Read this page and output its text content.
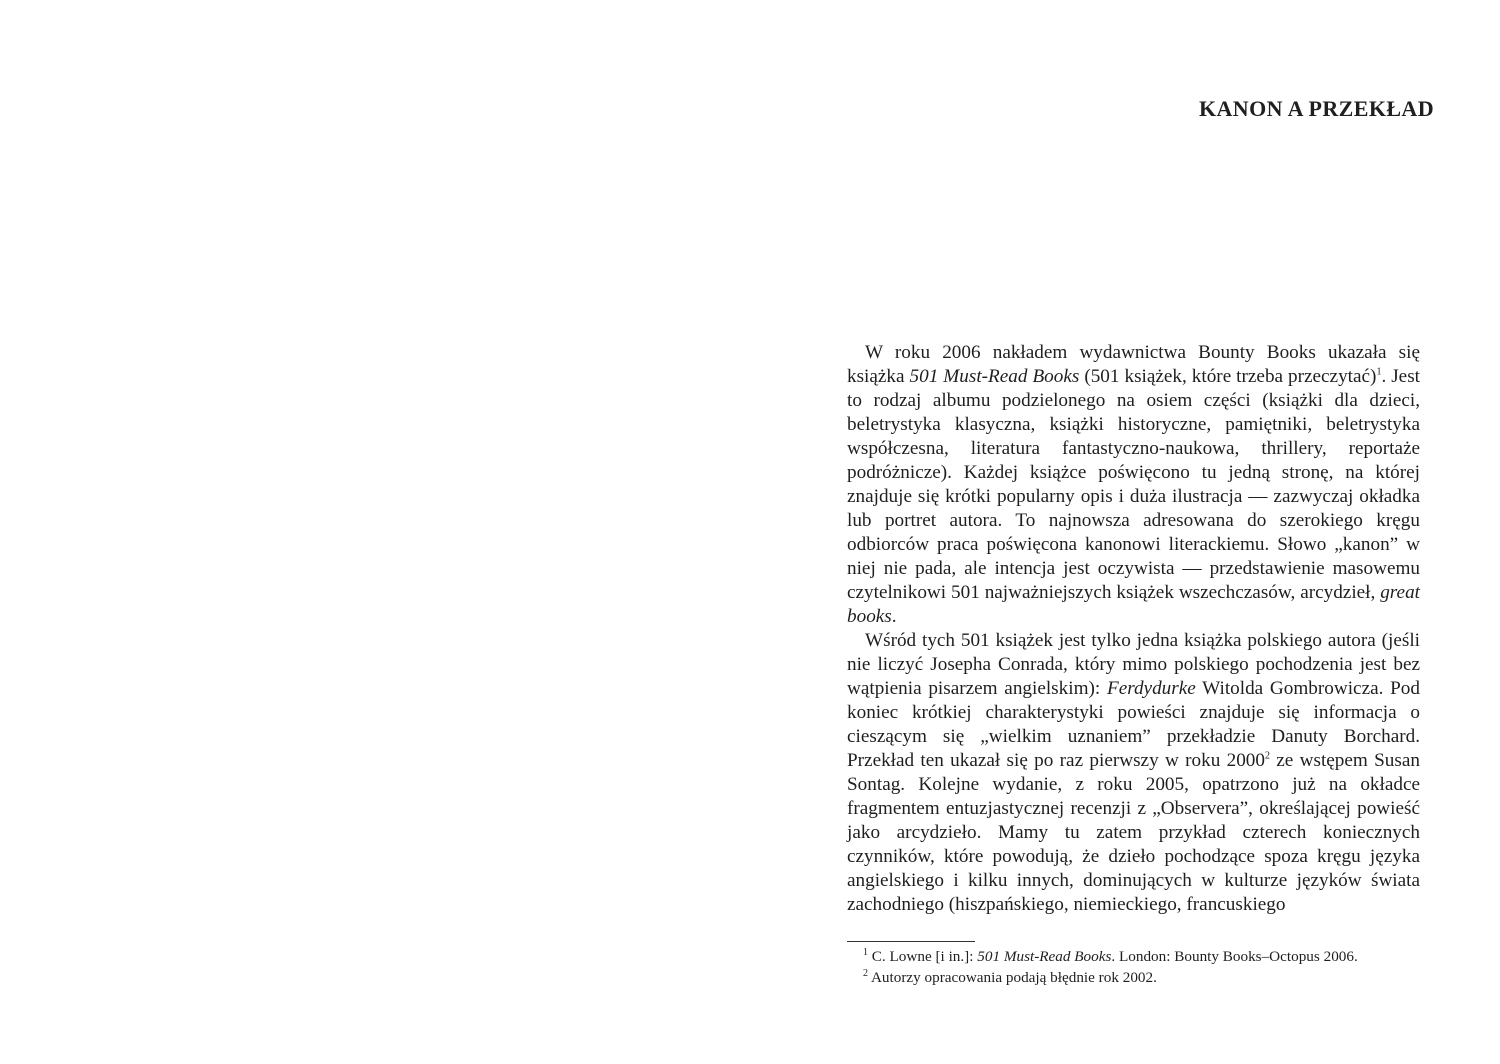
KANON A PRZEKŁAD

W roku 2006 nakładem wydawnictwa Bounty Books ukazała się książka 501 Must-Read Books (501 książek, które trzeba przeczytać)$^1$. Jest to rodzaj albumu podzielonego na osiem części (książki dla dzieci, beletrystyka klasyczna, książki historyczne, pamiętniki, beletrystyka współczesna, literatura fantastyczno-naukowa, thrillery, reportaże podróżnicze). Każdej książce poświęcono tu jedną stronę, na której znajduje się krótki popularny opis i duża ilustracja — zazwyczaj okładka lub portret autora. To najnowsza adresowana do szerokiego kręgu odbiorców praca poświęcona kanonowi literackiemu. Słowo „kanon” w niej nie pada, ale intencja jest oczywista — przedstawienie masowemu czytelnikowi 501 najważniejszych książek wszechczasów, arcydzieł, great books.

Wśród tych 501 książek jest tylko jedna książka polskiego autora (jeśli nie liczyć Josepha Conrada, który mimo polskiego pochodzenia jest bez wątpienia pisarzem angielskim): Ferdydurke Witolda Gombrowicza. Pod koniec krótkiej charakterystyki powieści znajduje się informacja o cieszącym się „wielkim uznaniem” przekładzie Danuty Borchard. Przekład ten ukazał się po raz pierwszy w roku 2000$^2$ ze wstępem Susan Sontag. Kolejne wydanie, z roku 2005, opatrzono już na okładce fragmentem entuzjastycznej recenzji z „Observera”, określającej powieść jako arcydzieło. Mamy tu zatem przykład czterech koniecznych czynników, które powodują, że dzieło pochodzące spoza kręgu języka angielskiego i kilku innych, dominujących w kulturze języków świata zachodniego (hiszpańskiego, niemieckiego, francuskiego

$^1$ C. Lowne [i in.]: 501 Must-Read Books. London: Bounty Books–Octopus 2006.

$^2$ Autorzy opracowania podają błędnie rok 2002.
